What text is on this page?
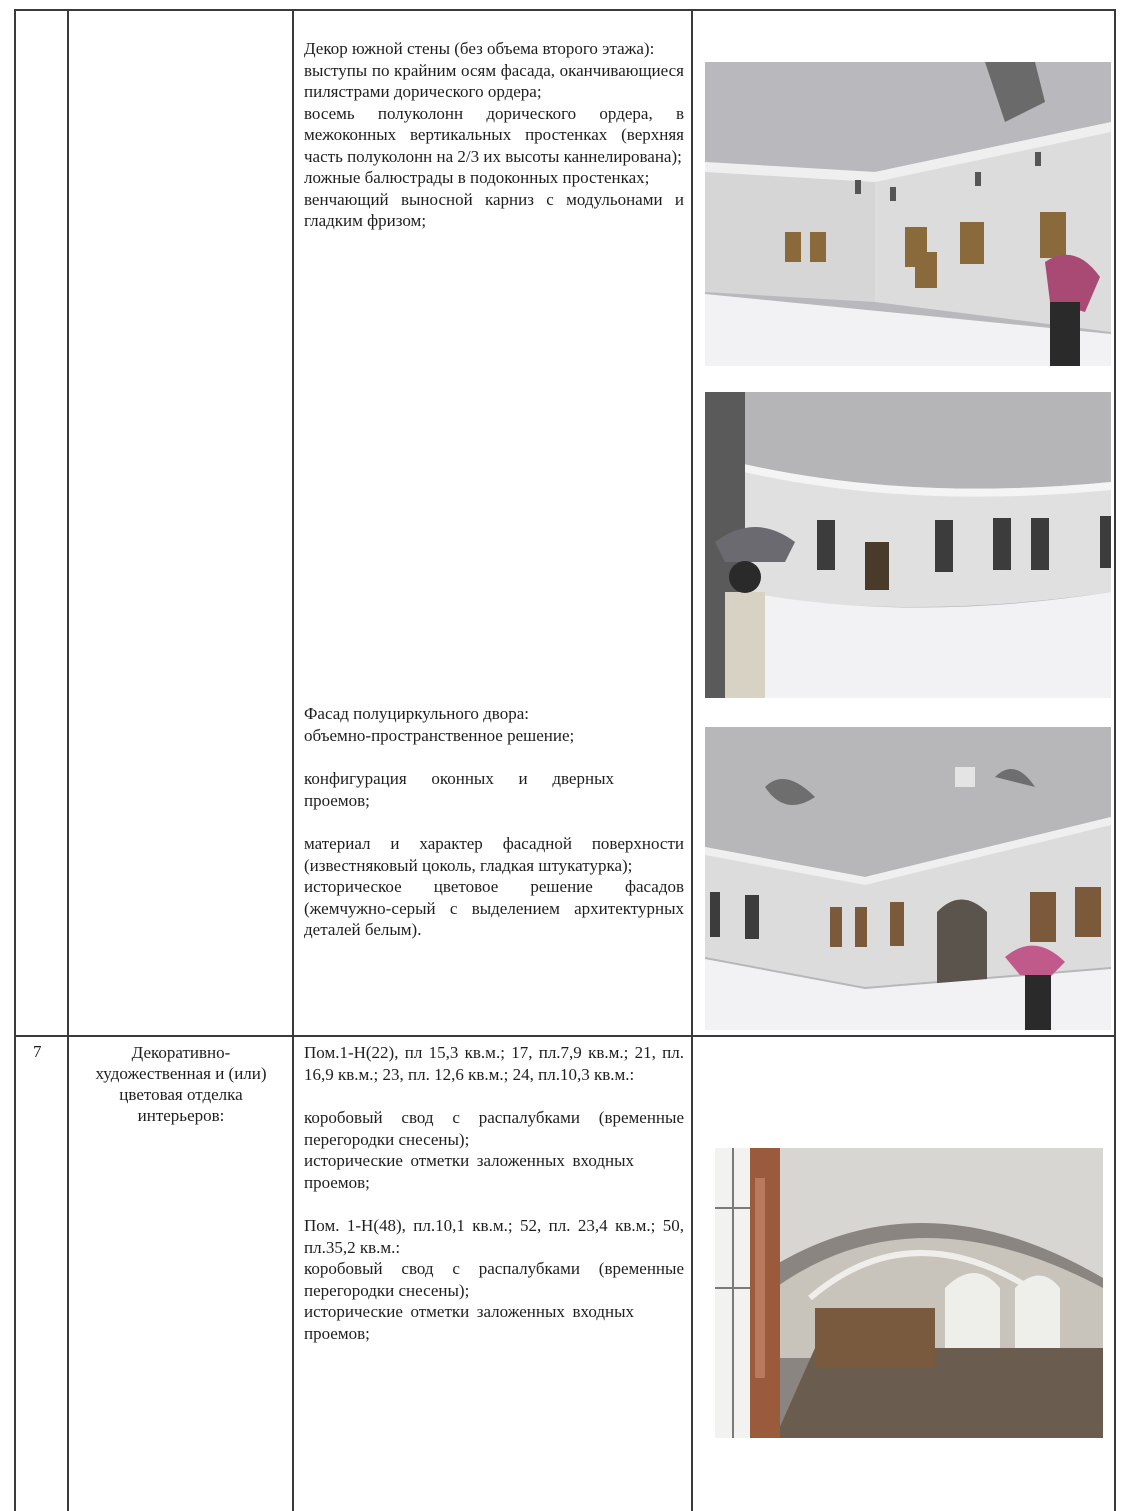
Декор южной стены (без объема второго этажа):

выступы по крайним осям фасада, оканчивающиеся пилястрами дорического ордера;

восемь полуколонн дорического ордера, в межоконных вертикальных простенках (верхняя часть полуколонн на 2/3 их высоты каннелирована);

ложные балюстрады в подоконных простенках;

венчающий выносной карниз с модульонами и гладким фризом;

Фасад полуциркульного двора:

объемно-пространственное решение;

конфигурация оконных и дверных проемов;

материал и характер фасадной поверхности (известняковый цоколь, гладкая штукатурка);

историческое цветовое решение фасадов (жемчужно-серый с выделением архитектурных деталей белым).

7	Декоративно-художественная и (или) цветовая отделка интерьеров:

Пом.1-Н(22), пл 15,3 кв.м.; 17, пл.7,9 кв.м.; 21, пл. 16,9 кв.м.; 23, пл. 12,6 кв.м.; 24, пл.10,3 кв.м.:

коробовый свод с распалубками (временные перегородки снесены);

исторические отметки заложенных входных проемов;

Пом. 1-Н(48), пл.10,1 кв.м.; 52, пл. 23,4 кв.м.; 50, пл.35,2 кв.м.:

коробовый свод с распалубками (временные перегородки снесены);

исторические отметки заложенных входных проемов;
